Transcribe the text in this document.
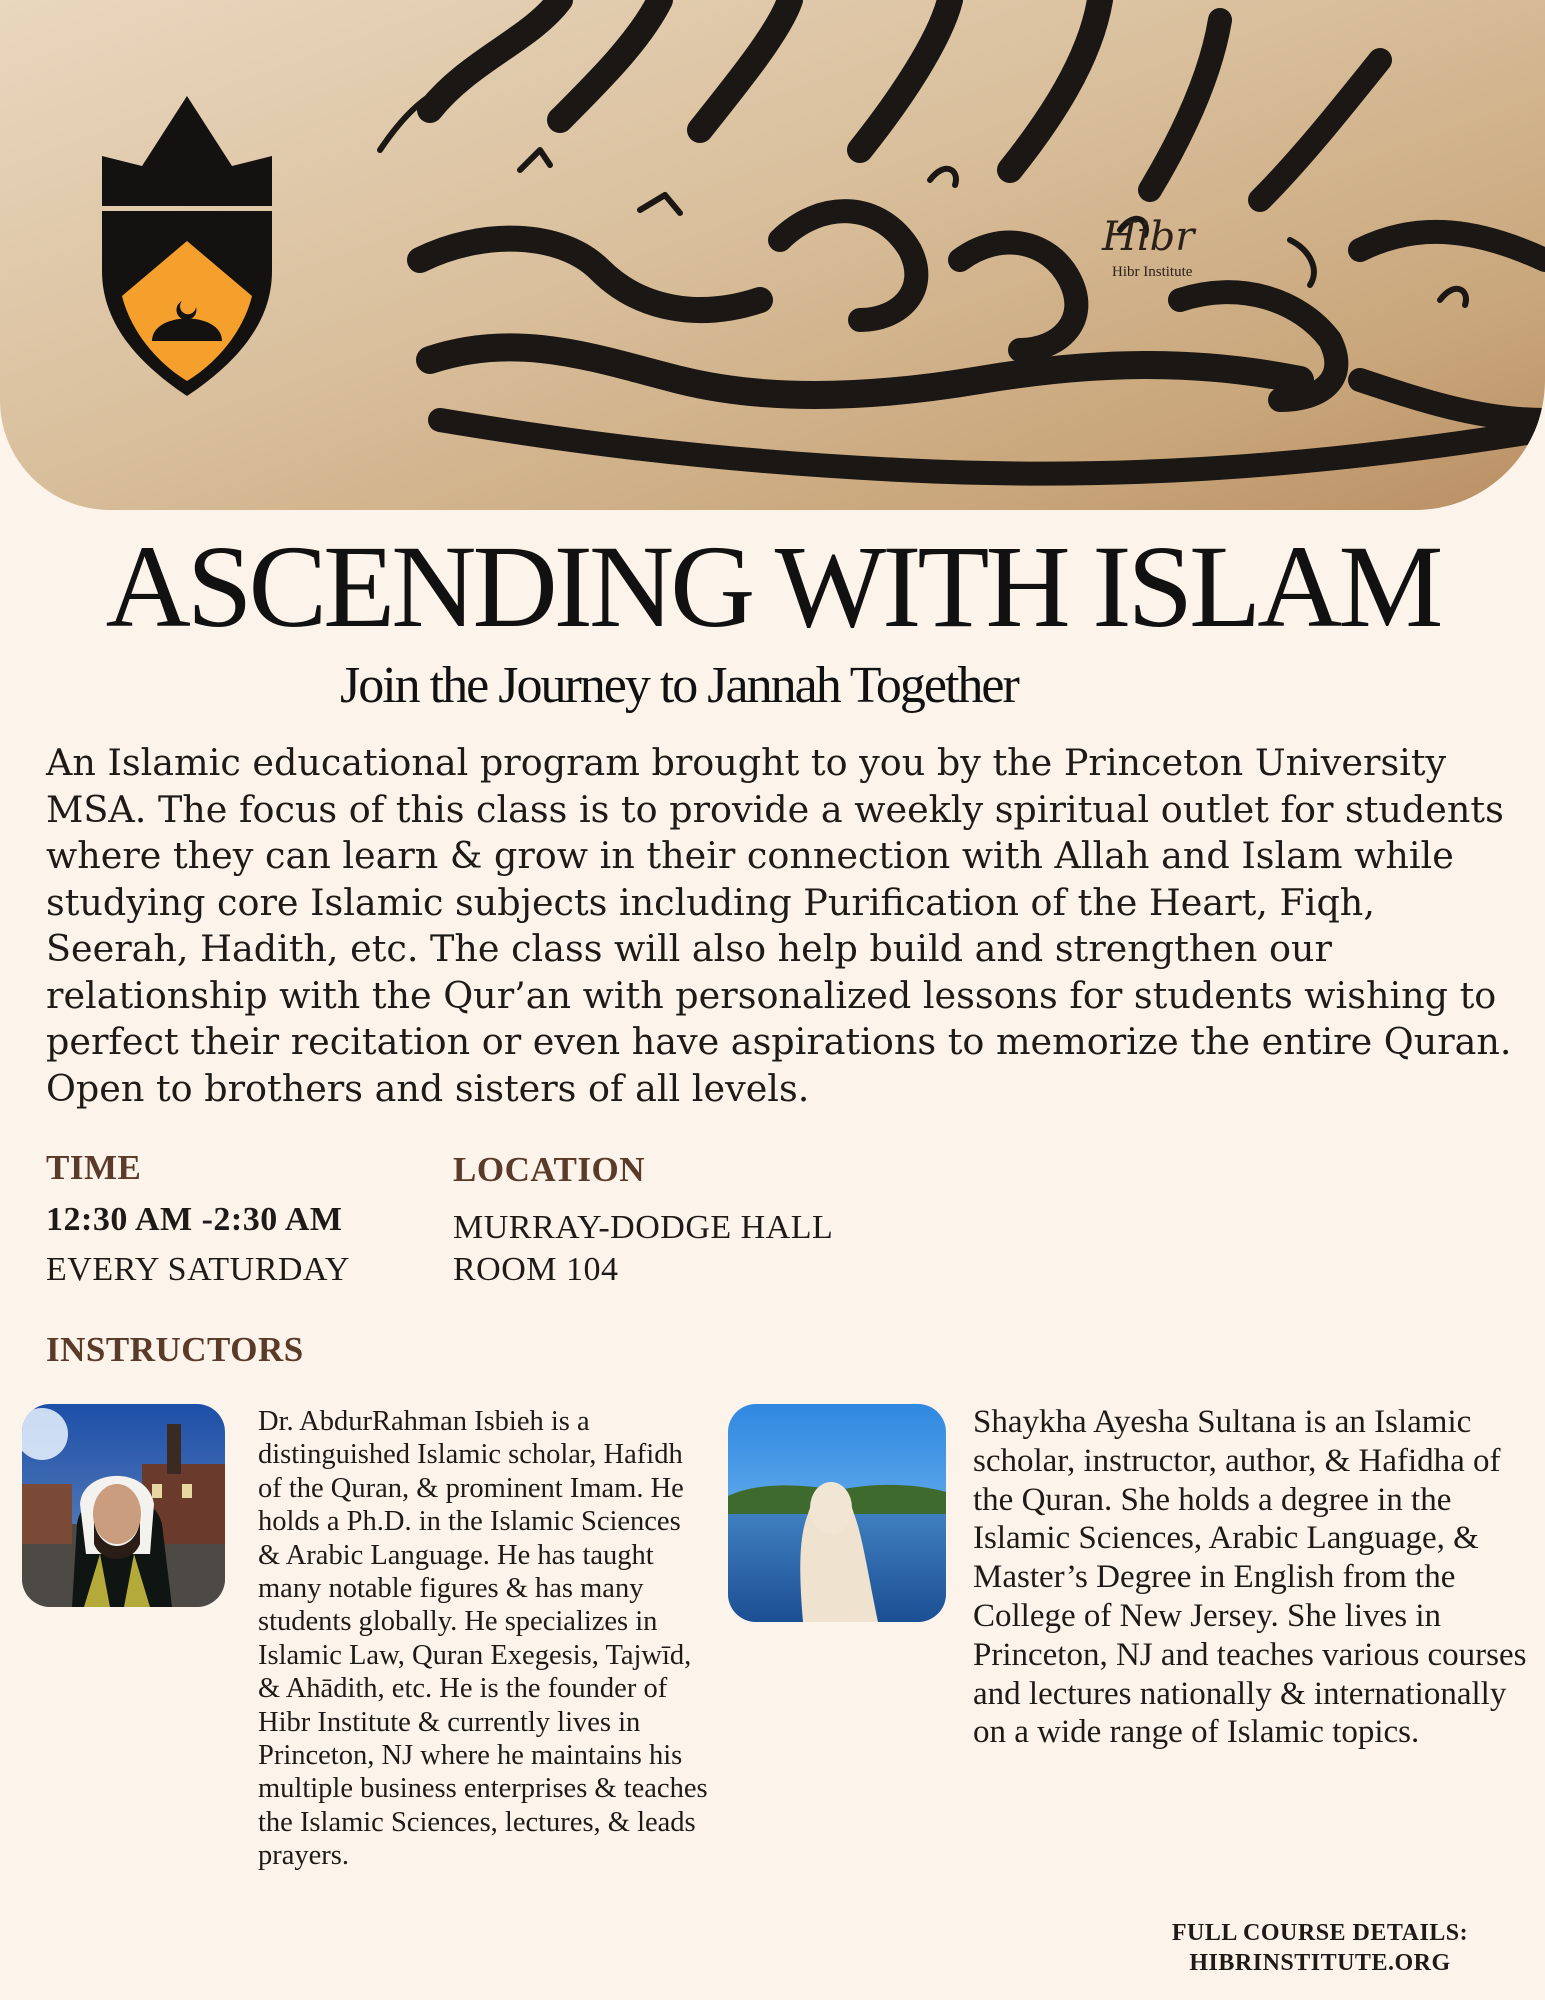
Hibr
Hibr Institute
ASCENDING WITH ISLAM
Join the Journey to Jannah Together
An Islamic educational program brought to you by the Princeton University MSA. The focus of this class is to provide a weekly spiritual outlet for students where they can learn & grow in their connection with Allah and Islam while studying core Islamic subjects including Purification of the Heart, Fiqh, Seerah, Hadith, etc. The class will also help build and strengthen our relationship with the Qur’an with personalized lessons for students wishing to perfect their recitation or even have aspirations to memorize the entire Quran. Open to brothers and sisters of all levels.
TIME
12:30 AM -2:30 AM
EVERY SATURDAY
LOCATION
MURRAY-DODGE HALL
ROOM 104
INSTRUCTORS
Dr. AbdurRahman Isbieh is a distinguished Islamic scholar, Hafidh of the Quran, & prominent Imam. He holds a Ph.D. in the Islamic Sciences & Arabic Language. He has taught many notable figures & has many students globally. He specializes in Islamic Law, Quran Exegesis, Tajwīd, & Ahādith, etc. He is the founder of Hibr Institute & currently lives in Princeton, NJ where he maintains his multiple business enterprises & teaches the Islamic Sciences, lectures, & leads prayers.
Shaykha Ayesha Sultana is an Islamic scholar, instructor, author, & Hafidha of the Quran. She holds a degree in the Islamic Sciences, Arabic Language, & Master’s Degree in English from the College of New Jersey. She lives in Princeton, NJ and teaches various courses and lectures nationally & internationally on a wide range of Islamic topics.
FULL COURSE DETAILS:
HIBRINSTITUTE.ORG
